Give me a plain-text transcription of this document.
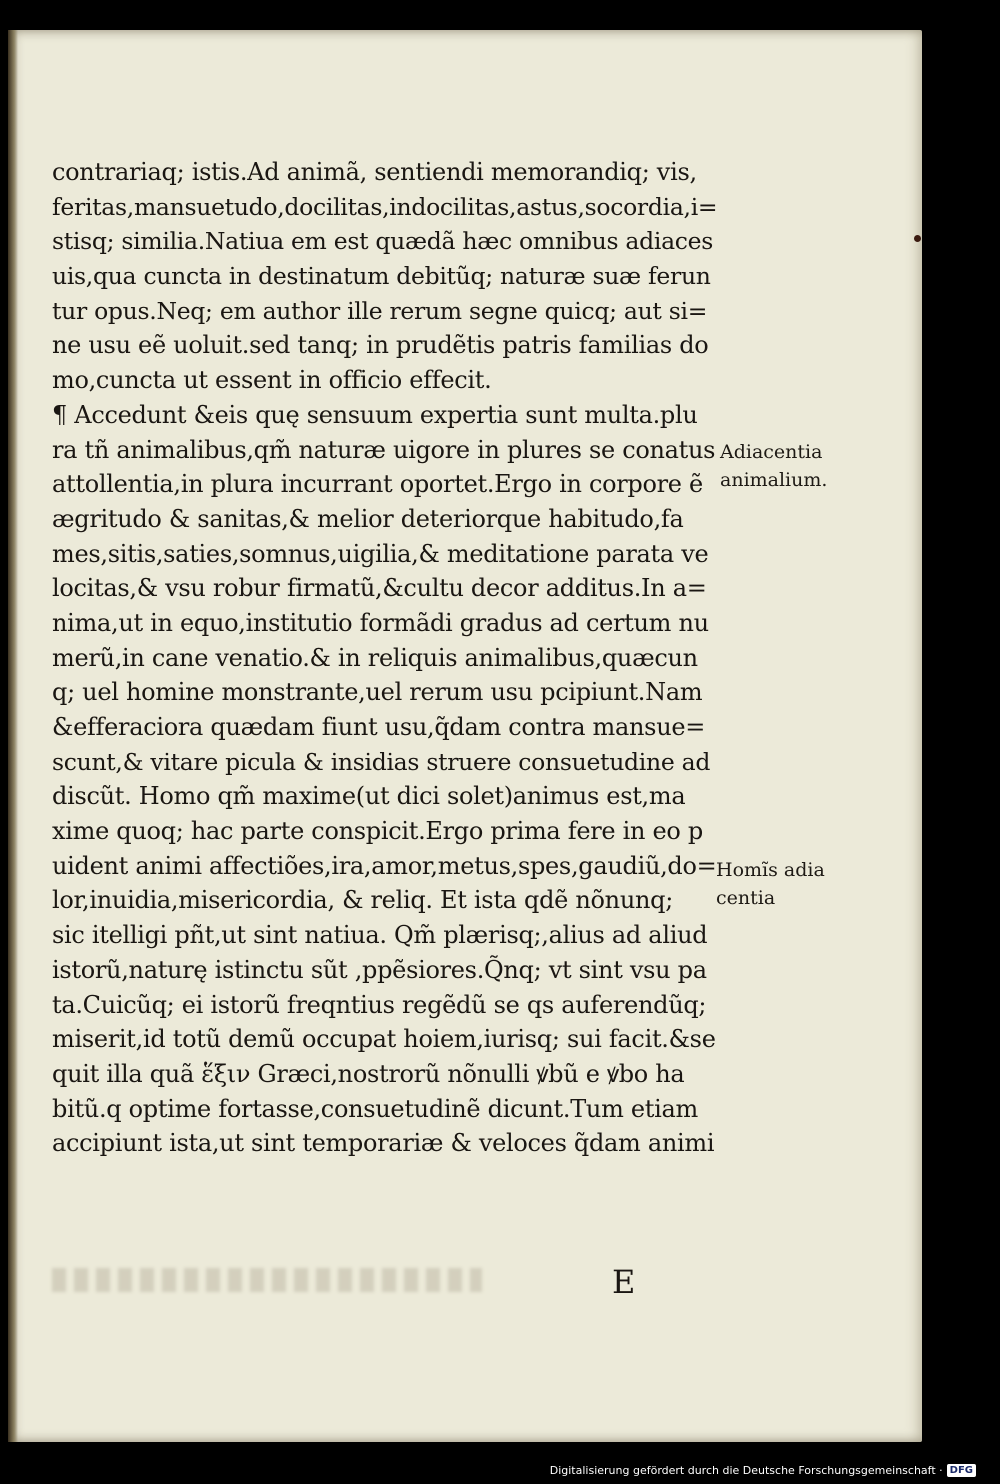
contrariaq; istis.Ad animã, sentiendi memorandiq; vis,
feritas,mansuetudo,docilitas,indocilitas,astus,socordia,i=
stisq; similia.Natiua em est quædã hæc omnibus adiaces
uis,qua cuncta in destinatum debitũq; naturæ suæ ferun
tur opus.Neq; em author ille rerum segne quicq; aut si=
ne usu eẽ uoluit.sed tanq; in prudẽtis patris familias do
mo,cuncta ut essent in officio effecit.
¶ Accedunt &eis quę sensuum expertia sunt multa.plu
ra tñ animalibus,qm̃ naturæ uigore in plures se conatus
attollentia,in plura incurrant oportet.Ergo in corpore ẽ
ægritudo & sanitas,& melior deteriorque habitudo,fa
mes,sitis,saties,somnus,uigilia,& meditatione parata ve
locitas,& vsu robur firmatũ,&cultu decor additus.In a=
nima,ut in equo,institutio formãdi gradus ad certum nu
merũ,in cane venatio.& in reliquis animalibus,quæcun
q; uel homine monstrante,uel rerum usu pcipiunt.Nam
&efferaciora quædam fiunt usu,q̃dam contra mansue=
scunt,& vitare picula & insidias struere consuetudine ad
discũt. Homo qm̃ maxime(ut dici solet)animus est,ma
xime quoq; hac parte conspicit.Ergo prima fere in eo p
uident animi affectiões,ira,amor,metus,spes,gaudiũ,do=
lor,inuidia,misericordia, & reliq. Et ista qdẽ nõnunq;
sic itelligi pñt,ut sint natiua. Qm̃ plærisq;,alius ad aliud
istorũ,naturę istinctu sũt ,ppẽsiores.Q̃nq; vt sint vsu pa
ta.Cuicũq; ei istorũ freqntius regẽdũ se qs auferendũq;
miserit,id totũ demũ occupat hoiem,iurisq; sui facit.&se
quit illa quã ἕξιν Græci,nostrorũ nõnulli ꝟbũ e ꝟbo ha
bitũ.q optime fortasse,consuetudinẽ dicunt.Tum etiam
accipiunt ista,ut sint temporariæ & veloces q̃dam animi
Adiacentia
animalium.
Homĩs adia
centia
E
Digitalisierung gefördert durch die Deutsche Forschungsgemeinschaft · DFG
